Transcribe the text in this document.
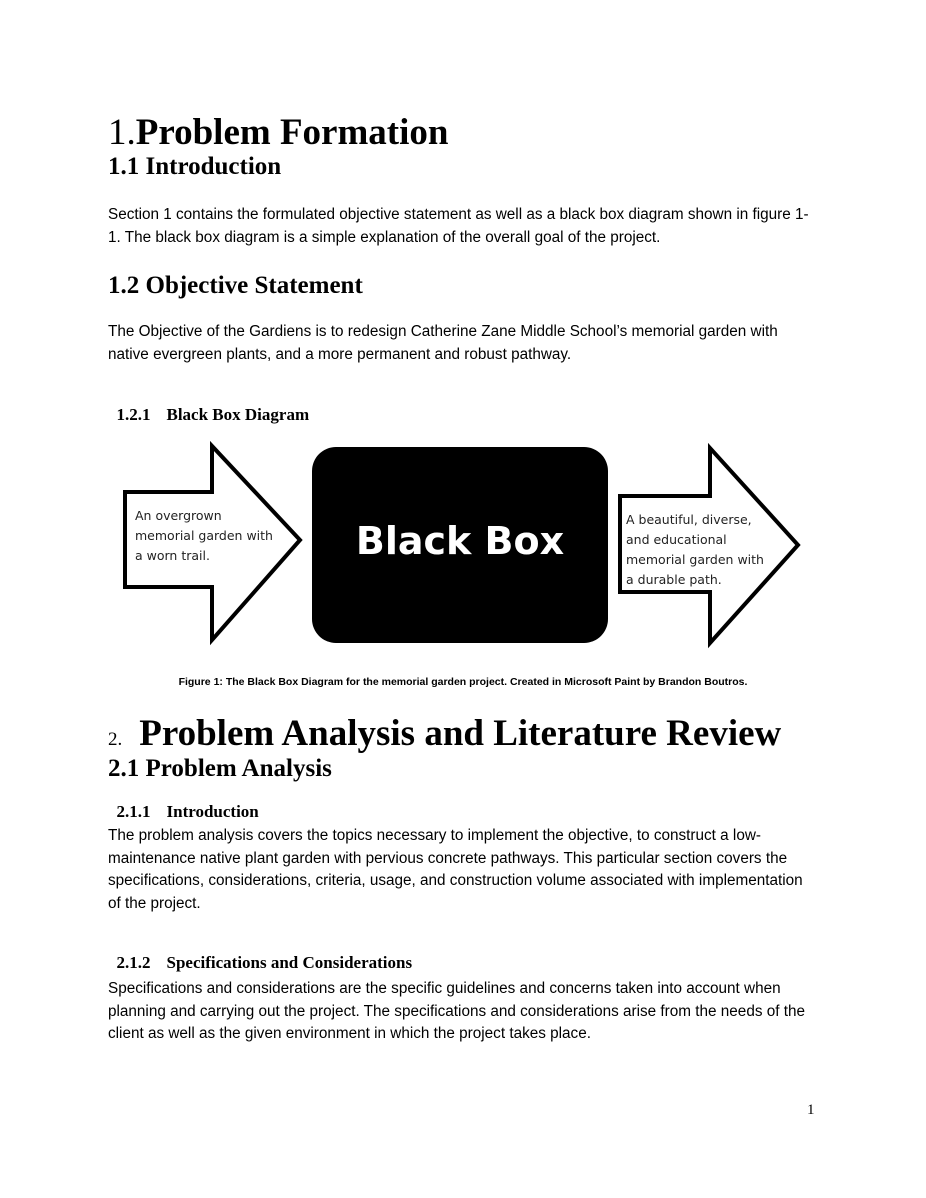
1.Problem Formation
1.1 Introduction
Section 1 contains the formulated objective statement as well as a black box diagram shown in figure 1-1. The black box diagram is a simple explanation of the overall goal of the project.
1.2 Objective Statement
The Objective of the Gardiens is to redesign Catherine Zane Middle School’s memorial garden with native evergreen plants, and a more permanent and robust pathway.

1.2.1 Black Box Diagram

An overgrown
memorial garden with
a worn trail.	Black Box	A beautiful, diverse,
and educational
memorial garden with
a durable path.
Figure 1: The Black Box Diagram for the memorial garden project. Created in Microsoft Paint by Brandon Boutros.
2. Problem Analysis and Literature Review
2.1 Problem Analysis

2.1.1 Introduction

The problem analysis covers the topics necessary to implement the objective, to construct a low-maintenance native plant garden with pervious concrete pathways. This particular section covers the specifications, considerations, criteria, usage, and construction volume associated with implementation of the project.

2.1.2 Specifications and Considerations

Specifications and considerations are the specific guidelines and concerns taken into account when planning and carrying out the project. The specifications and considerations arise from the needs of the client as well as the given environment in which the project takes place.
1
